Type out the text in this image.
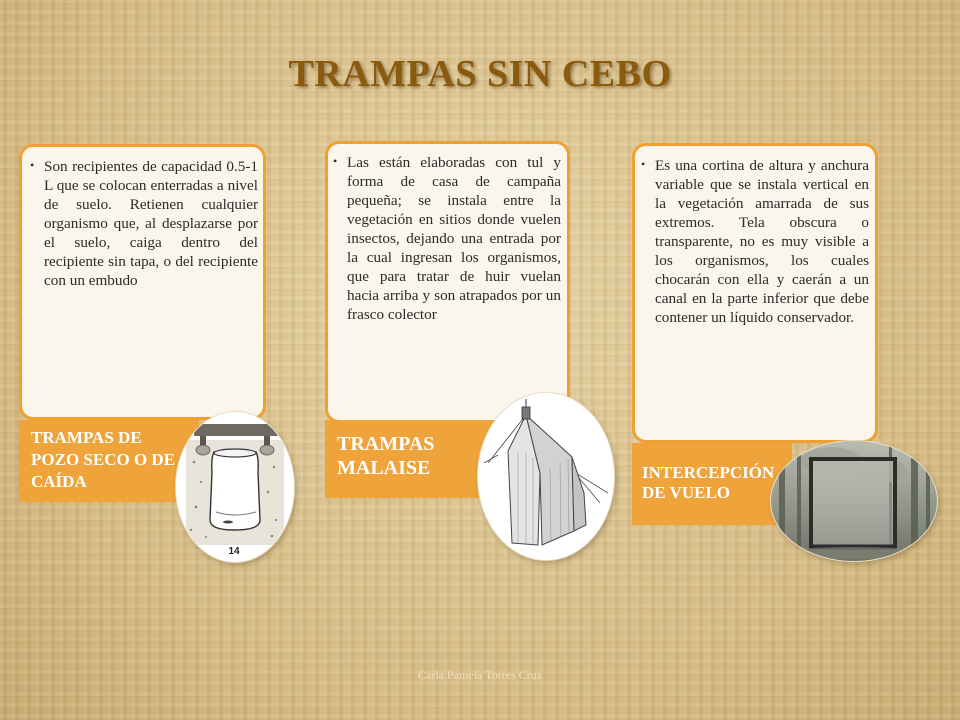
TRAMPAS SIN CEBO
• Son recipientes de capacidad 0.5-1 L que se colocan enterradas a nivel de suelo. Retienen cualquier organismo que, al desplazarse por el suelo, caiga dentro del recipiente sin tapa, o del recipiente con un embudo
TRAMPAS DE POZO SECO O DE CAÍDA
14
• Las están elaboradas con tul y forma de casa de campaña pequeña; se instala entre la vegetación en sitios donde vuelen insectos, dejando una entrada por la cual ingresan los organismos, que para tratar de huir vuelan hacia arriba y son atrapados por un frasco colector
TRAMPAS MALAISE
• Es una cortina de altura y anchura variable que se instala vertical en la vegetación amarrada de sus extremos. Tela obscura o transparente, no es muy visible a los organismos, los cuales chocarán con ella y caerán a un canal en la parte inferior que debe contener un líquido conservador.
INTERCEPCIÓN DE VUELO

Carla Pamela Torres Cruz
